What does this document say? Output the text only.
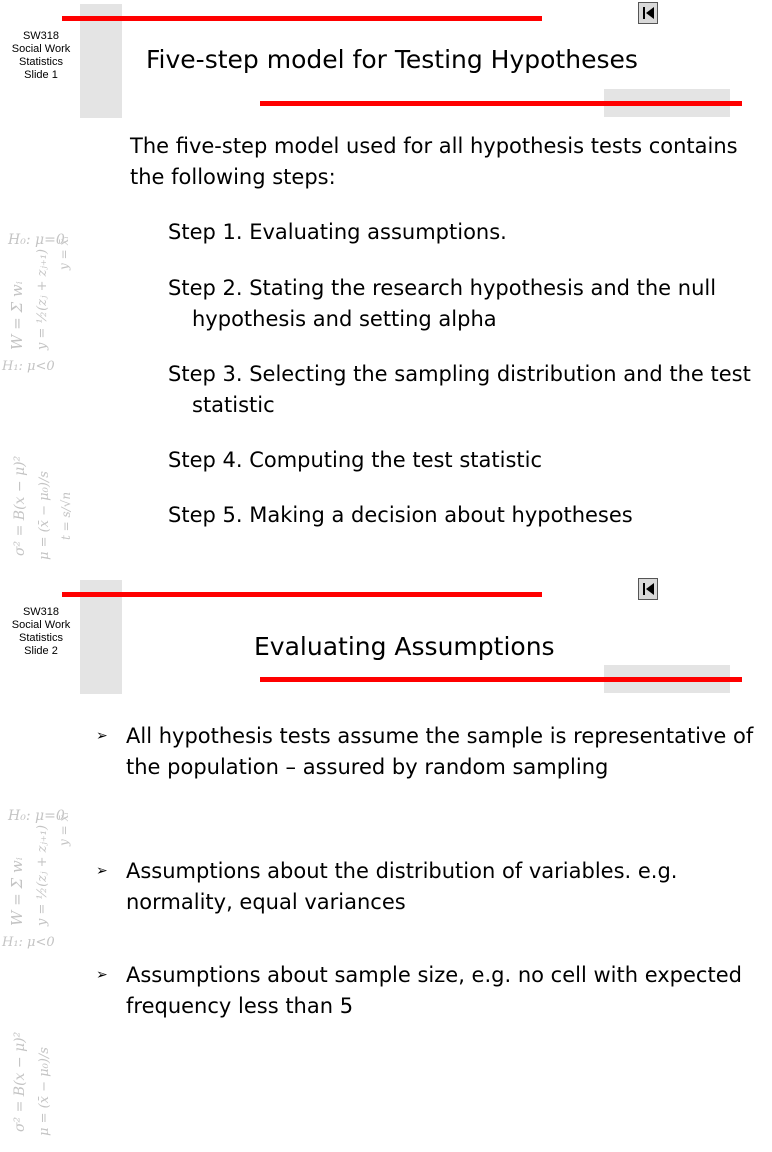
SW318
Social Work
Statistics
Slide 1
H₀: μ=0
H₁: μ<0
W = Σ wᵢ y = ½(zⱼ + zⱼ₊₁) y = x̄ᵢ
σ² = B(x − μ)² μ = (x̄ − μ₀)/s t = s/√n
Five-step model for Testing Hypotheses

The five-step model used for all hypothesis tests contains the following steps:

Step 1. Evaluating assumptions.

Step 2. Stating the research hypothesis and the null hypothesis and setting alpha

Step 3. Selecting the sampling distribution and the test statistic

Step 4. Computing the test statistic

Step 5. Making a decision about hypotheses

SW318
Social Work
Statistics
Slide 2
H₀: μ=0
H₁: μ<0
W = Σ wᵢ y = ½(zⱼ + zⱼ₊₁) y = x̄ᵢ
σ² = B(x − μ)² μ = (x̄ − μ₀)/s
Evaluating Assumptions
➢ All hypothesis tests assume the sample is representative of the population – assured by random sampling
➢ Assumptions about the distribution of variables. e.g. normality, equal variances
➢ Assumptions about sample size, e.g. no cell with expected frequency less than 5
